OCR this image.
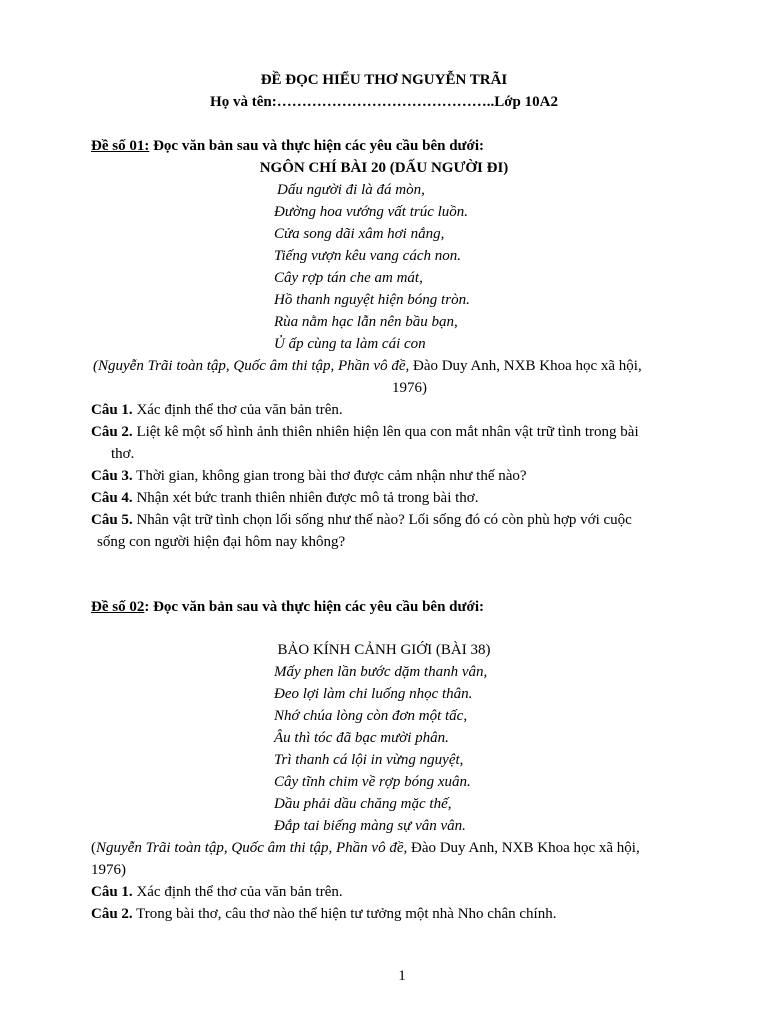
ĐỀ ĐỌC HIỂU THƠ NGUYỄN TRÃI
Họ và tên:……………………………………..Lớp 10A2
Đề số 01: Đọc văn bản sau và thực hiện các yêu cầu bên dưới:
NGÔN CHÍ BÀI 20 (DẤU NGƯỜI ĐI)
Dấu người đi là đá mòn,
Đường hoa vướng vất trúc luồn.
Cửa song dãi xâm hơi nắng,
Tiếng vượn kêu vang cách non.
Cây rợp tán che am mát,
Hồ thanh nguyệt hiện bóng tròn.
Rùa nằm hạc lẫn nên bầu bạn,
Ủ ấp cùng ta làm cái con
(Nguyễn Trãi toàn tập, Quốc âm thi tập, Phần vô đề, Đào Duy Anh, NXB Khoa học xã hội,
1976)
Câu 1. Xác định thể thơ của văn bản trên.
Câu 2. Liệt kê một số hình ảnh thiên nhiên hiện lên qua con mắt nhân vật trữ tình trong bài
thơ.
Câu 3. Thời gian, không gian trong bài thơ được cảm nhận như thế nào?
Câu 4. Nhận xét bức tranh thiên nhiên được mô tả trong bài thơ.
Câu 5. Nhân vật trữ tình chọn lối sống như thế nào? Lối sống đó có còn phù hợp với cuộc
sống con người hiện đại hôm nay không?
Đề số 02: Đọc văn bản sau và thực hiện các yêu cầu bên dưới:
BẢO KÍNH CẢNH GIỚI (BÀI 38)
Mấy phen lần bước dặm thanh vân,
Đeo lợi làm chi luống nhọc thân.
Nhớ chúa lòng còn đơn một tấc,
Âu thì tóc đã bạc mười phân.
Trì thanh cá lội in vừng nguyệt,
Cây tĩnh chim về rợp bóng xuân.
Dầu phải dầu chăng mặc thế,
Đắp tai biếng màng sự vân vân.
(Nguyễn Trãi toàn tập, Quốc âm thi tập, Phần vô đề, Đào Duy Anh, NXB Khoa học xã hội,
1976)
Câu 1. Xác định thể thơ của văn bản trên.
Câu 2. Trong bài thơ, câu thơ nào thể hiện tư tưởng một nhà Nho chân chính.
1
